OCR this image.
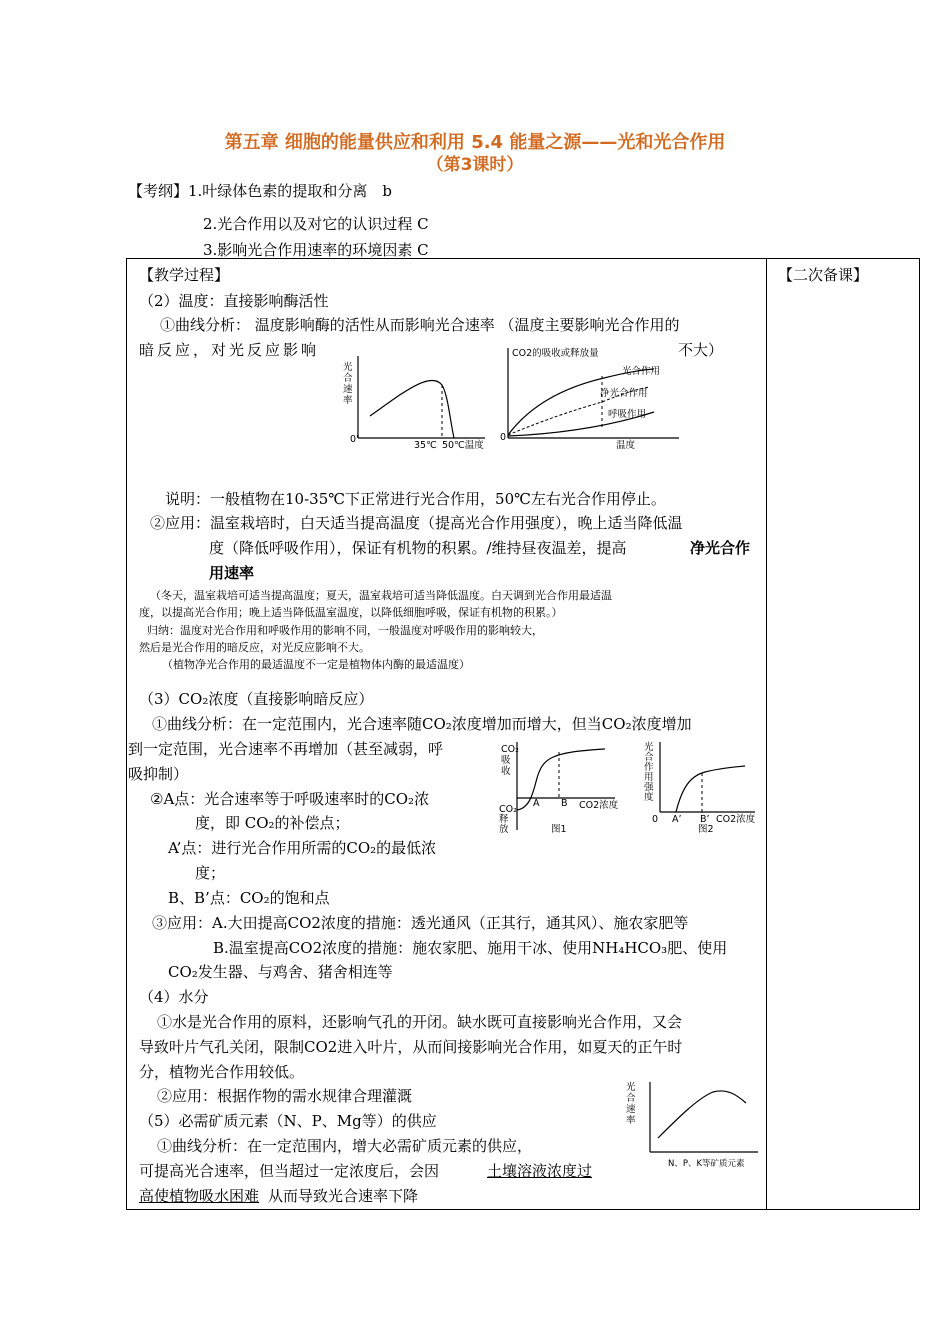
第五章 细胞的能量供应和利用 5.4 能量之源——光和光合作用
（第3课时）
【考纲】1.叶绿体色素的提取和分离　b
2.光合作用以及对它的认识过程 C
3.影响光合作用速率的环境因素 C
【教学过程】	【二次备课】
（2）温度：直接影响酶活性
①曲线分析： 温度影响酶的活性从而影响光合速率 （温度主要影响光合作用的
暗反应，对光反应影响	不大）
光合速率
0'
35℃ 50℃温度
CO2的吸收或释放量
0
温度
光合作用
净光合作用
呼吸作用
说明：一般植物在10-35℃下正常进行光合作用，50℃左右光合作用停止。
②应用：温室栽培时，白天适当提高温度（提高光合作用强度），晚上适当降低温
度（降低呼吸作用），保证有机物的积累。/维持昼夜温差，提高	净光合作
用速率
（冬天，温室栽培可适当提高温度；夏天，温室栽培可适当降低温度。白天调到光合作用最适温
度，以提高光合作用；晚上适当降低温室温度，以降低细胞呼吸，保证有机物的积累。）
归纳：温度对光合作用和呼吸作用的影响不同，一般温度对呼吸作用的影响较大，
然后是光合作用的暗反应，对光反应影响不大。
（植物净光合作用的最适温度不一定是植物体内酶的最适温度）
（3）CO₂浓度（直接影响暗反应）
①曲线分析：在一定范围内，光合速率随CO₂浓度增加而增大，但当CO₂浓度增加
到一定范围，光合速率不再增加（甚至减弱，呼
吸抑制）
②A点：光合速率等于呼吸速率时的CO₂浓
度，即 CO₂的补偿点；
A’点：进行光合作用所需的CO₂的最低浓
度；
B、B’点：CO₂的饱和点
③应用：A.大田提高CO2浓度的措施：透光通风（正其行，通其风）、施农家肥等
B.温室提高CO2浓度的措施：施农家肥、施用干冰、使用NH₄HCO₃肥、使用
CO₂发生器、与鸡舍、猪舍相连等
CO₂ 吸收
CO₂ 释放
A B CO2浓度
图1
光合作用强度
0 A’ B’ CO2浓度
图2
（4）水分
①水是光合作用的原料，还影响气孔的开闭。缺水既可直接影响光合作用，又会
导致叶片气孔关闭，限制CO2进入叶片，从而间接影响光合作用，如夏天的正午时
分，植物光合作用较低。
②应用：根据作物的需水规律合理灌溉
（5）必需矿质元素（N、P、Mg等）的供应
①曲线分析：在一定范围内，增大必需矿质元素的供应，
可提高光合速率，但当超过一定浓度后，会因	土壤溶液浓度过
高使植物吸水困难 从而导致光合速率下降
光合速率
N、P、K等矿质元素
